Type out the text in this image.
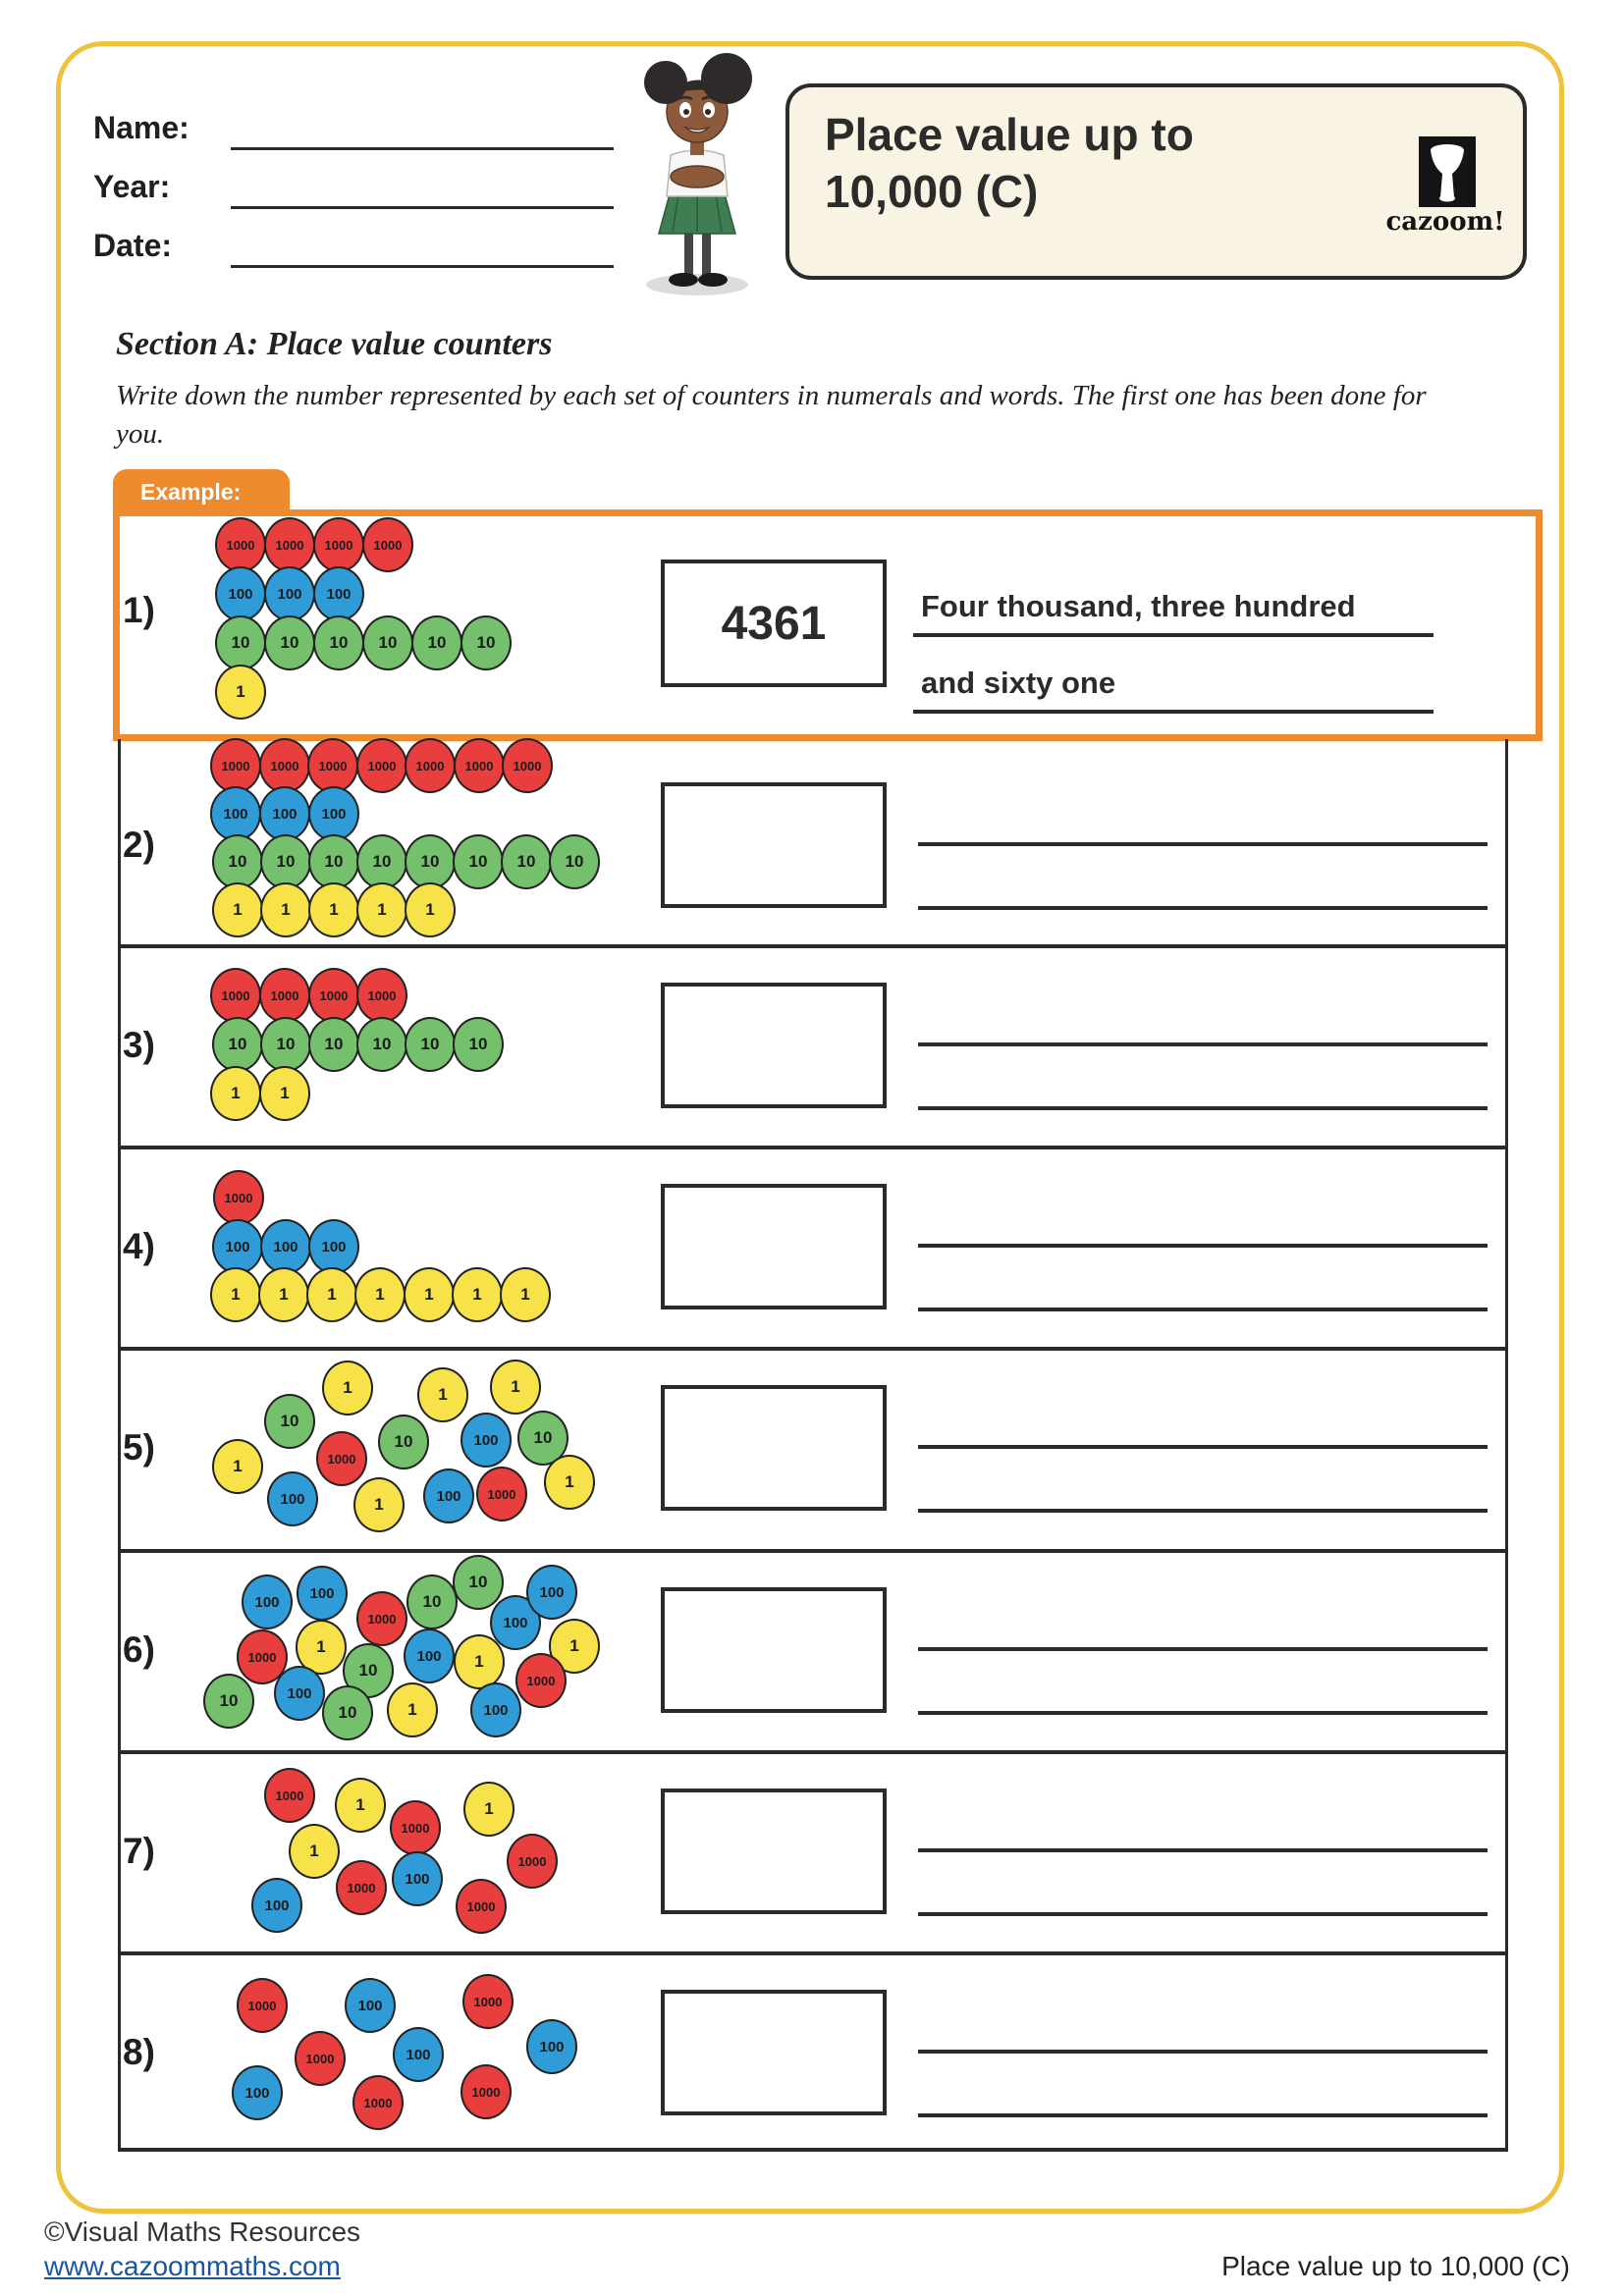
Name:
Year:
Date:
Place value up to
10,000 (C)
cazoom!
Section A: Place value counters
Write down the number represented by each set of counters in numerals and words. The first one has been done for you.
Example:
1)
1000	1000	1000	1000
100	100	100
10	10	10	10	10	10
1
4361	Four thousand, three hundred
and sixty one
2)
1000	1000	1000	1000	1000	1000	1000
100	100	100
10	10	10	10	10	10	10	10
1	1	1	1	1
3)
1000	1000	1000	1000
10	10	10	10	10	10
1	1
4)
1000
100	100	100
1	1	1	1	1	1	1
5)
1	1	1
10
10	10
100
1000
1
1
100	1	100	1000
6)
100
100
1000
10
10
100
100
1000
1
10
100	1
1
1000
10	100
10	1	100
7)
1000	1
1000
1
1
1000
1000
100
100	1000
8)
1000	100	1000
1000	100	100
100
1000
1000
©Visual Maths Resources
www.cazoommaths.com	Place value up to 10,000 (C)
